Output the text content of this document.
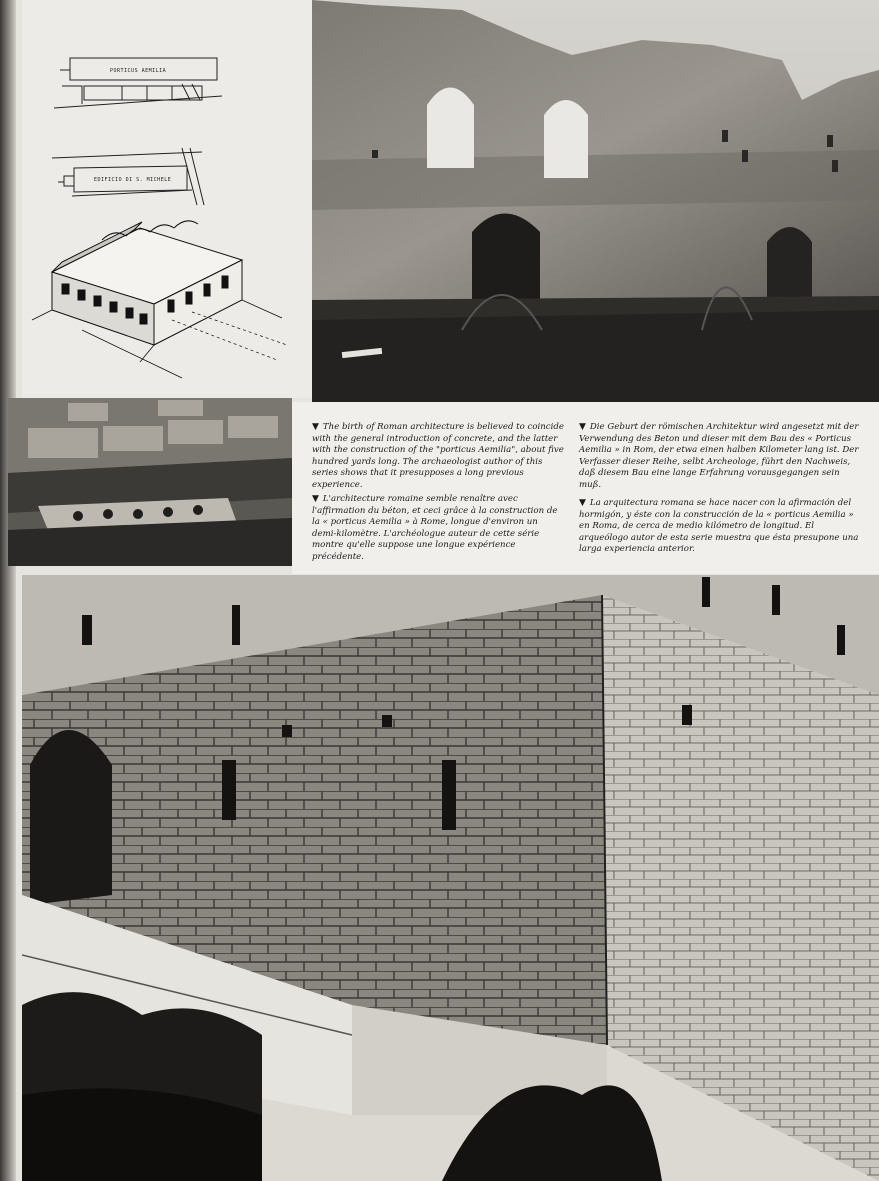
PORTICUS AEMILIA
EDIFICIO DI S. MICHELE

▼ The birth of Roman architecture is believed to coincide with the general introduction of concrete, and the latter with the construction of the "porticus Aemilia", about five hundred yards long. The archaeologist author of this series shows that it presupposes a long previous experience.

▼ L'architecture romaine semble renaître avec l'affirmation du béton, et ceci grâce à la construction de la « porticus Aemilia » à Rome, longue d'environ un demi-kilomètre. L'archéologue auteur de cette série montre qu'elle suppose une longue expérience précédente.

▼ Die Geburt der römischen Architektur wird angesetzt mit der Verwendung des Beton und dieser mit dem Bau des « Porticus Aemilia » in Rom, der etwa einen halben Kilometer lang ist. Der Verfasser dieser Reihe, selbt Archeologe, führt den Nachweis, daß diesem Bau eine lange Erfahrung vorausgegangen sein muß.

▼ La arquitectura romana se hace nacer con la afirmación del hormigón, y éste con la construcción de la « porticus Aemilia » en Roma, de cerca de medio kilómetro de longitud. El arqueólogo autor de esta serie muestra que ésta presupone una larga experiencia anterior.
